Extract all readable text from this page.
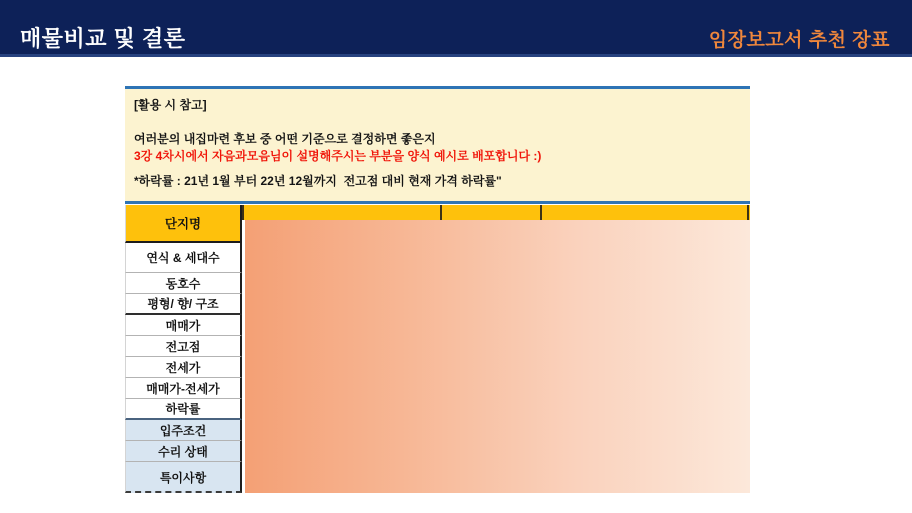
매물비교 및 결론	임장보고서 추천 장표

[활용 시 참고]

여러분의 내집마련 후보 중 어떤 기준으로 결정하면 좋은지

3강 4차시에서 자음과모음님이 설명해주시는 부분을 양식 예시로 배포합니다 :)

*하락률 : 21년 1월 부터 22년 12월까지  전고점 대비 현재 가격 하락률"

단지명
연식 & 세대수
동호수
평형/ 향/ 구조
매매가
전고점
전세가
매매가-전세가
하락률
입주조건
수리 상태
특이사항
